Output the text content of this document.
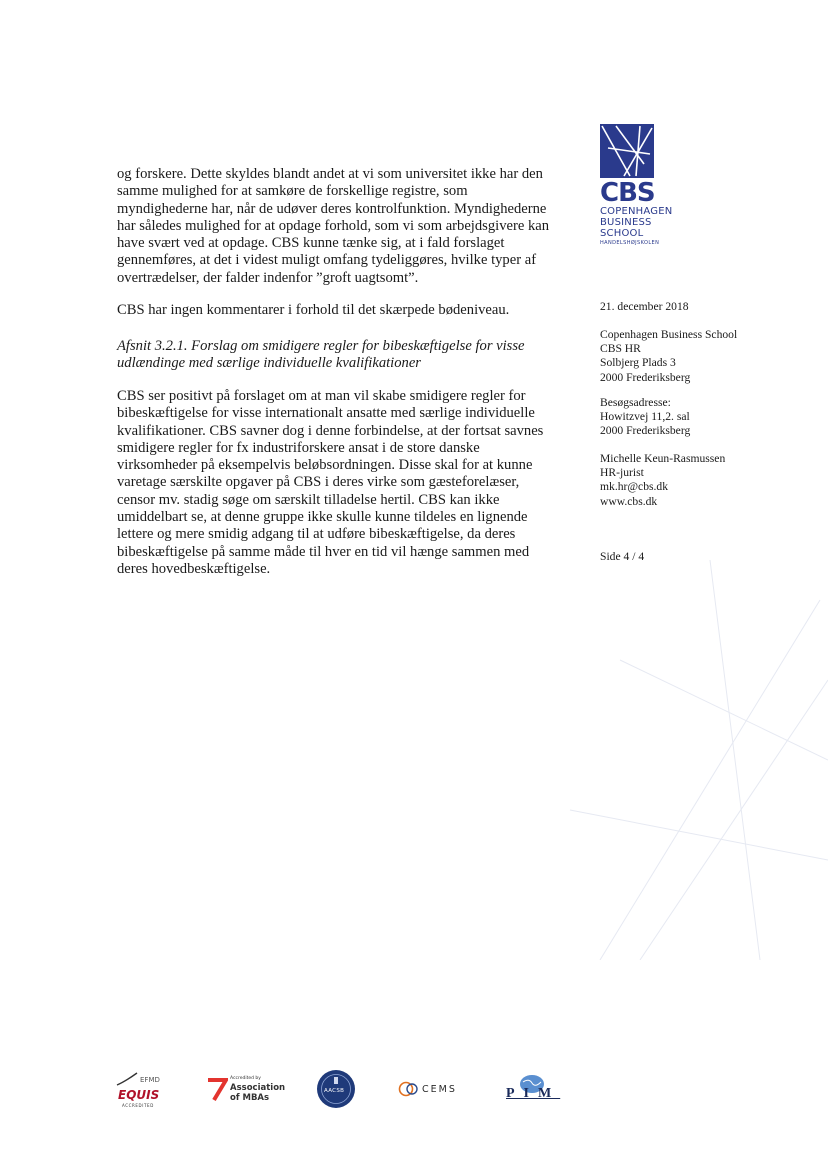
CBS
COPENHAGEN
BUSINESS SCHOOL
HANDELSHØJSKOLEN

og forskere. Dette skyldes blandt andet at vi som universitet ikke har den
samme mulighed for at samkøre de forskellige registre, som
myndighederne har, når de udøver deres kontrolfunktion. Myndighederne
har således mulighed for at opdage forhold, som vi som arbejdsgivere kan
have svært ved at opdage. CBS kunne tænke sig, at i fald forslaget
gennemføres, at det i videst muligt omfang tydeliggøres, hvilke typer af
overtrædelser, der falder indenfor ”groft uagtsomt”.

CBS har ingen kommentarer i forhold til det skærpede bødeniveau.

Afsnit 3.2.1. Forslag om smidigere regler for bibeskæftigelse for visse
udlændinge med særlige individuelle kvalifikationer

CBS ser positivt på forslaget om at man vil skabe smidigere regler for
bibeskæftigelse for visse internationalt ansatte med særlige individuelle
kvalifikationer. CBS savner dog i denne forbindelse, at der fortsat savnes
smidigere regler for fx industriforskere ansat i de store danske
virksomheder på eksempelvis beløbsordningen. Disse skal for at kunne
varetage særskilte opgaver på CBS i deres virke som gæsteforelæser,
censor mv. stadig søge om særskilt tilladelse hertil. CBS kan ikke
umiddelbart se, at denne gruppe ikke skulle kunne tildeles en lignende
lettere og mere smidig adgang til at udføre bibeskæftigelse, da deres
bibeskæftigelse på samme måde til hver en tid vil hænge sammen med
deres hovedbeskæftigelse.

21. december 2018
Copenhagen Business School
CBS HR
Solbjerg Plads 3
2000 Frederiksberg
Besøgsadresse:
Howitzvej 11,2. sal
2000 Frederiksberg
Michelle Keun-Rasmussen
HR-jurist
mk.hr@cbs.dk
www.cbs.dk
Side 4 / 4
EFMD
EQUIS
ACCREDITED
Accredited by
Association
of MBAs
AACSB	CEMS	PIM
